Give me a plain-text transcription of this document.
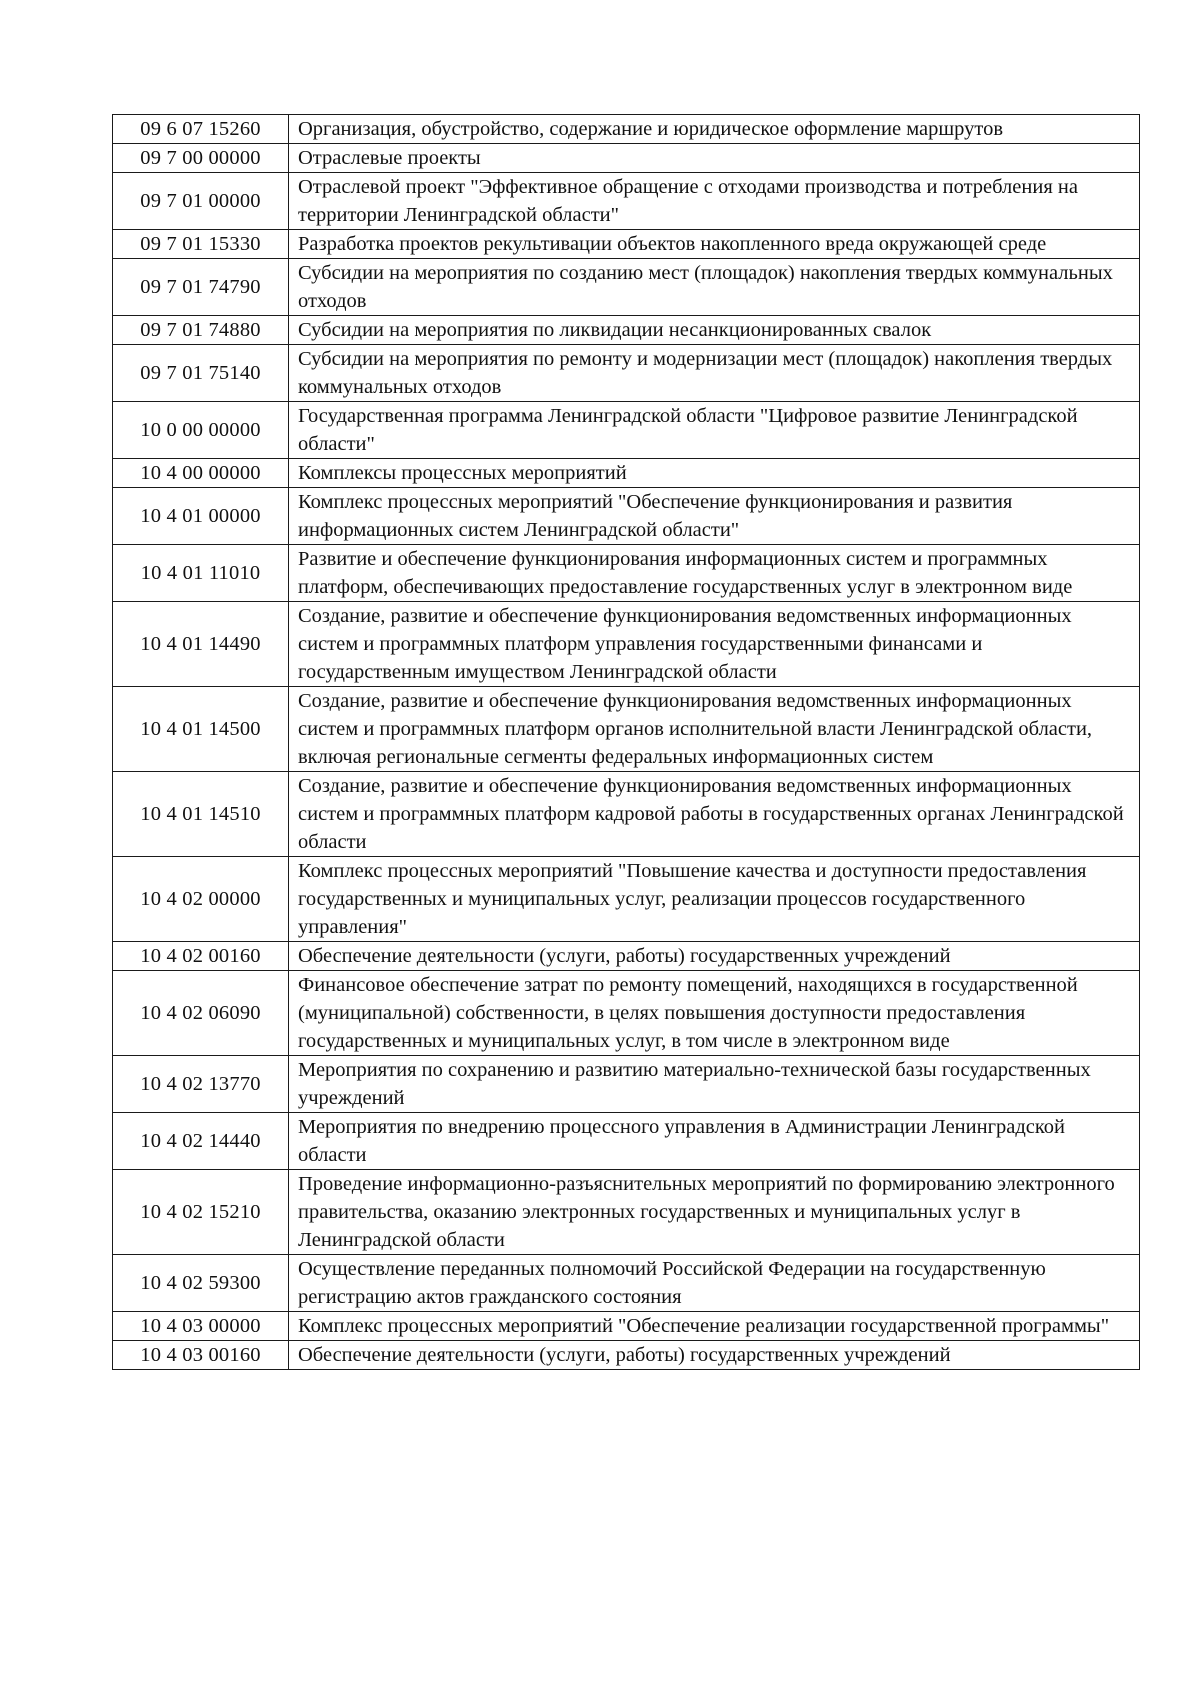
09 6 07 15260	Организация, обустройство, содержание и юридическое оформление маршрутов
09 7 00 00000	Отраслевые проекты
09 7 01 00000	Отраслевой проект "Эффективное обращение с отходами производства и потребления на территории Ленинградской области"
09 7 01 15330	Разработка проектов рекультивации объектов накопленного вреда окружающей среде
09 7 01 74790	Субсидии на мероприятия по созданию мест (площадок) накопления твердых коммунальных отходов
09 7 01 74880	Субсидии на мероприятия по ликвидации несанкционированных свалок
09 7 01 75140	Субсидии на мероприятия по ремонту и модернизации мест (площадок) накопления твердых коммунальных отходов
10 0 00 00000	Государственная программа Ленинградской области "Цифровое развитие Ленинградской области"
10 4 00 00000	Комплексы процессных мероприятий
10 4 01 00000	Комплекс процессных мероприятий "Обеспечение функционирования и развития информационных систем Ленинградской области"
10 4 01 11010	Развитие и обеспечение функционирования информационных систем и программных платформ, обеспечивающих предоставление государственных услуг в электронном виде
10 4 01 14490	Создание, развитие и обеспечение функционирования ведомственных информационных систем и программных платформ управления государственными финансами и государственным имуществом Ленинградской области
10 4 01 14500	Создание, развитие и обеспечение функционирования ведомственных информационных систем и программных платформ органов исполнительной власти Ленинградской области, включая региональные сегменты федеральных информационных систем
10 4 01 14510	Создание, развитие и обеспечение функционирования ведомственных информационных систем и программных платформ кадровой работы в государственных органах Ленинградской области
10 4 02 00000	Комплекс процессных мероприятий "Повышение качества и доступности предоставления государственных и муниципальных услуг, реализации процессов государственного управления"
10 4 02 00160	Обеспечение деятельности (услуги, работы) государственных учреждений
10 4 02 06090	Финансовое обеспечение затрат по ремонту помещений, находящихся в государственной (муниципальной) собственности, в целях повышения доступности предоставления государственных и муниципальных услуг, в том числе в электронном виде
10 4 02 13770	Мероприятия по сохранению и развитию материально-технической базы государственных учреждений
10 4 02 14440	Мероприятия по внедрению процессного управления в Администрации Ленинградской области
10 4 02 15210	Проведение информационно-разъяснительных мероприятий по формированию электронного правительства, оказанию электронных государственных и муниципальных услуг в Ленинградской области
10 4 02 59300	Осуществление переданных полномочий Российской Федерации на государственную регистрацию актов гражданского состояния
10 4 03 00000	Комплекс процессных мероприятий "Обеспечение реализации государственной программы"
10 4 03 00160	Обеспечение деятельности (услуги, работы) государственных учреждений
